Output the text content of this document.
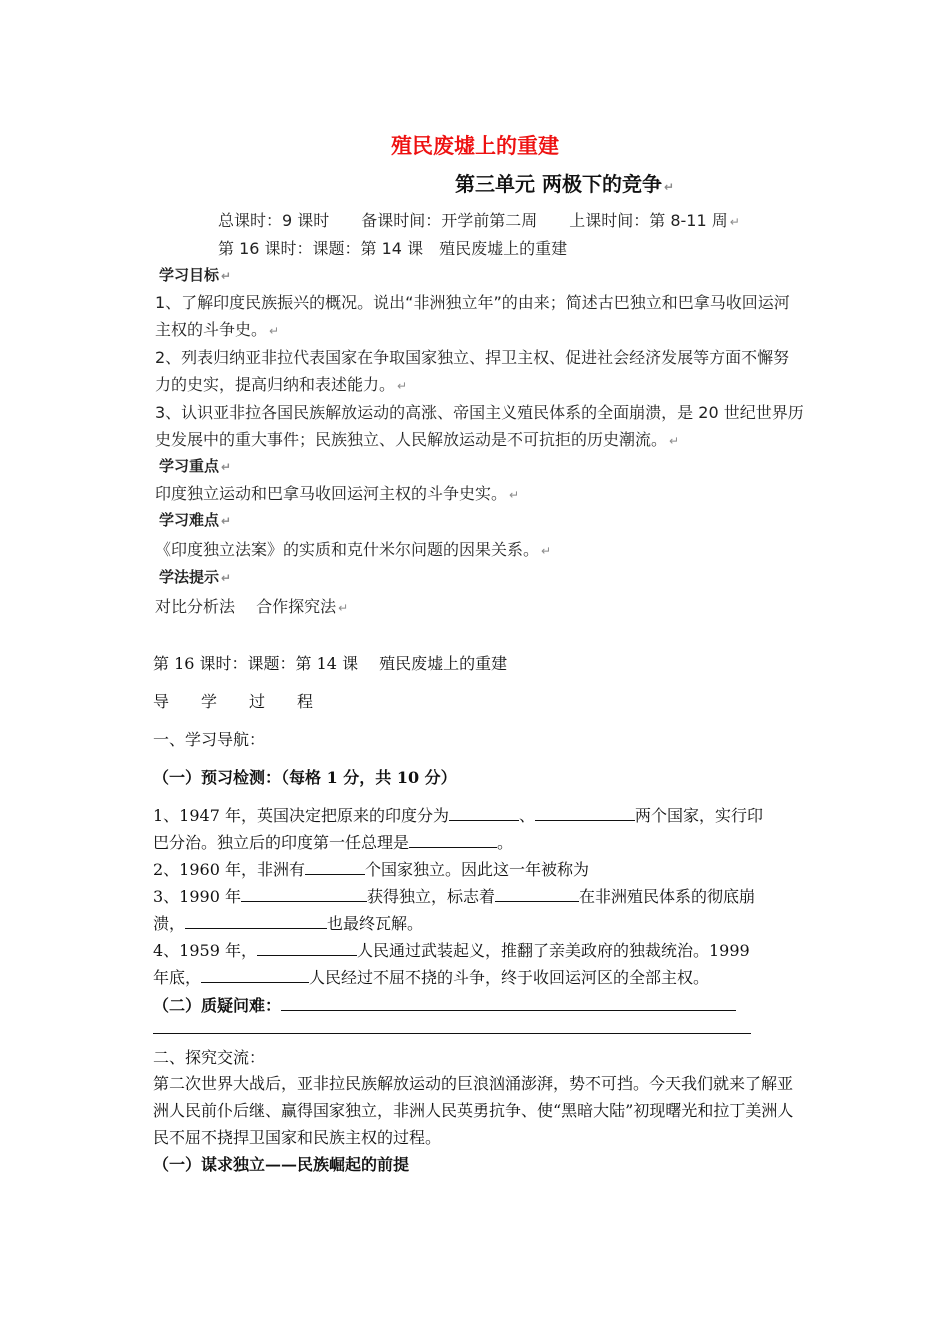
殖民废墟上的重建
第三单元 两极下的竞争 ↵
总课时：9 课时　　备课时间：开学前第二周　　上课时间：第 8-11 周 ↵
第 16 课时：课题：第 14 课　殖民废墟上的重建
学习目标 ↵
1、了解印度民族振兴的概况。说出“非洲独立年”的由来；简述古巴独立和巴拿马收回运河主权的斗争史。 ↵
2、列表归纳亚非拉代表国家在争取国家独立、捍卫主权、促进社会经济发展等方面不懈努力的史实，提高归纳和表述能力。 ↵
3、认识亚非拉各国民族解放运动的高涨、帝国主义殖民体系的全面崩溃，是 20 世纪世界历史发展中的重大事件；民族独立、人民解放运动是不可抗拒的历史潮流。 ↵
学习重点 ↵
印度独立运动和巴拿马收回运河主权的斗争史实。 ↵
学习难点 ↵
《印度独立法案》的实质和克什米尔问题的因果关系。 ↵
学法提示 ↵
对比分析法　 合作探究法 ↵
第 16 课时：课题：第 14 课　 殖民废墟上的重建
导　　学　　过　　程
一、学习导航：
（一）预习检测：（每格 1 分，共 10 分）
1、1947 年，英国决定把原来的印度分为	、	两个国家，实行印
巴分治。独立后的印度第一任总理是	。
2、1960 年，非洲有	个国家独立。因此这一年被称为
3、1990 年	获得独立，标志着	在非洲殖民体系的彻底崩
溃，	也最终瓦解。
4、1959 年，	人民通过武装起义，推翻了亲美政府的独裁统治。1999
年底，	人民经过不屈不挠的斗争，终于收回运河区的全部主权。
（二）质疑问难：
二、探究交流：
第二次世界大战后，亚非拉民族解放运动的巨浪汹涌澎湃，势不可挡。今天我们就来了解亚洲人民前仆后继、赢得国家独立，非洲人民英勇抗争、使“黑暗大陆”初现曙光和拉丁美洲人民不屈不挠捍卫国家和民族主权的过程。
（一）谋求独立——民族崛起的前提
